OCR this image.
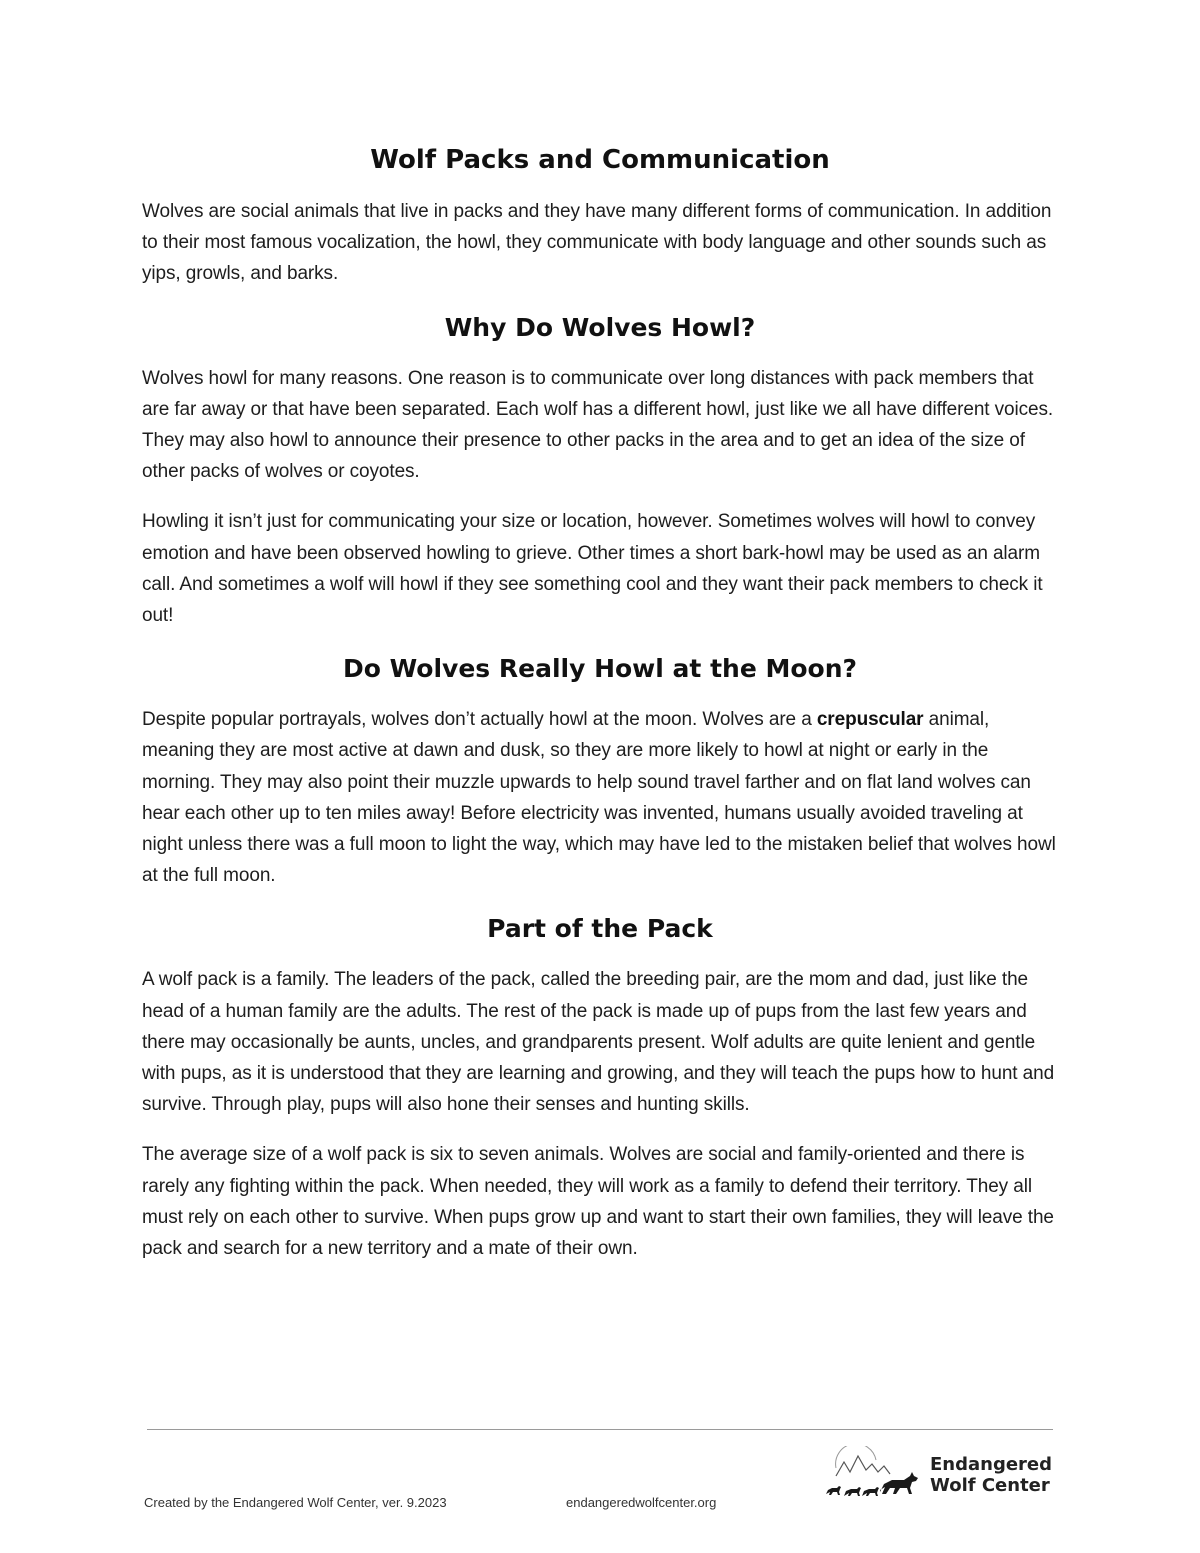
Wolf Packs and Communication

Wolves are social animals that live in packs and they have many different forms of communication. In addition to their most famous vocalization, the howl, they communicate with body language and other sounds such as yips, growls, and barks.

Why Do Wolves Howl?

Wolves howl for many reasons. One reason is to communicate over long distances with pack members that are far away or that have been separated. Each wolf has a different howl, just like we all have different voices. They may also howl to announce their presence to other packs in the area and to get an idea of the size of other packs of wolves or coyotes.

Howling it isn’t just for communicating your size or location, however. Sometimes wolves will howl to convey emotion and have been observed howling to grieve. Other times a short bark-howl may be used as an alarm call. And sometimes a wolf will howl if they see something cool and they want their pack members to check it out!

Do Wolves Really Howl at the Moon?

Despite popular portrayals, wolves don’t actually howl at the moon. Wolves are a crepuscular animal, meaning they are most active at dawn and dusk, so they are more likely to howl at night or early in the morning. They may also point their muzzle upwards to help sound travel farther and on flat land wolves can hear each other up to ten miles away! Before electricity was invented, humans usually avoided traveling at night unless there was a full moon to light the way, which may have led to the mistaken belief that wolves howl at the full moon.

Part of the Pack

A wolf pack is a family. The leaders of the pack, called the breeding pair, are the mom and dad, just like the head of a human family are the adults. The rest of the pack is made up of pups from the last few years and there may occasionally be aunts, uncles, and grandparents present. Wolf adults are quite lenient and gentle with pups, as it is understood that they are learning and growing, and they will teach the pups how to hunt and survive. Through play, pups will also hone their senses and hunting skills.

The average size of a wolf pack is six to seven animals. Wolves are social and family-oriented and there is rarely any fighting within the pack. When needed, they will work as a family to defend their territory. They all must rely on each other to survive. When pups grow up and want to start their own families, they will leave the pack and search for a new territory and a mate of their own.

Created by the Endangered Wolf Center, ver. 9.2023	endangeredwolfcenter.org
Endangered
Wolf Center
